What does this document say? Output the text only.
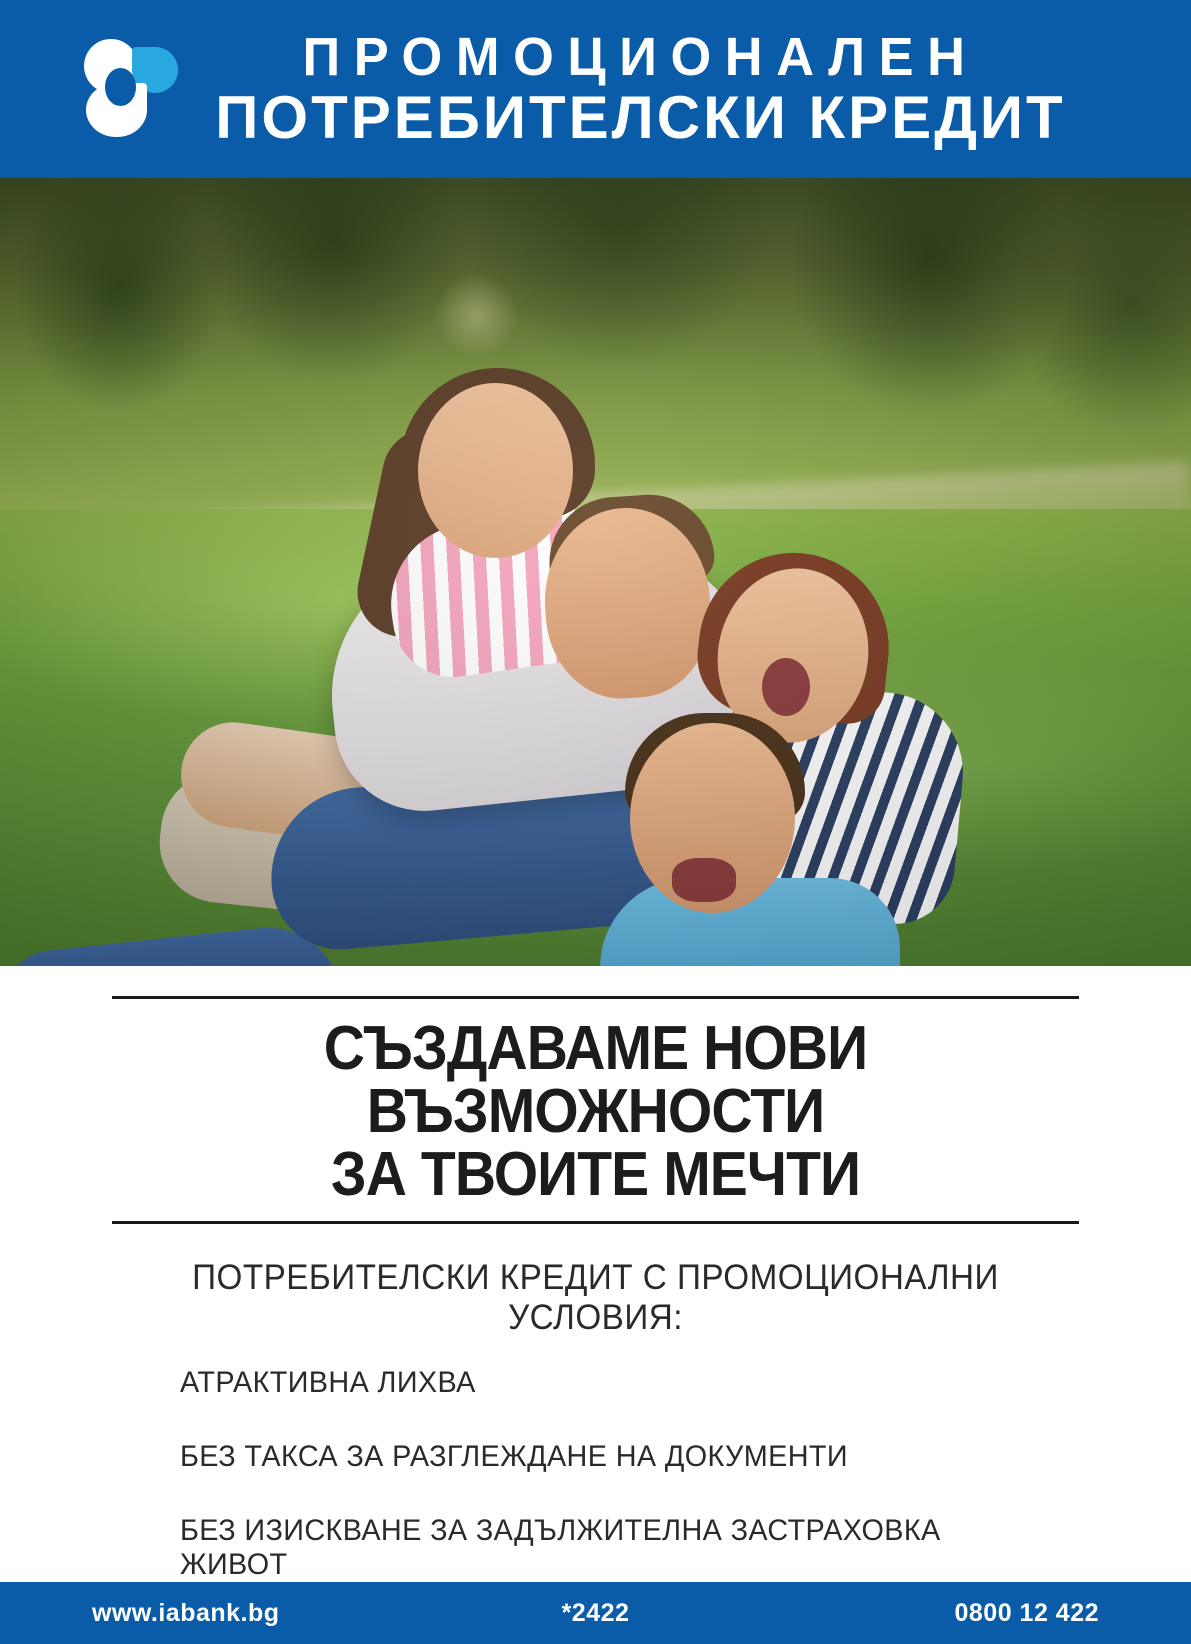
ПРОМОЦИОНАЛЕН
ПОТРЕБИТЕЛСКИ КРЕДИТ
СЪЗДАВАМЕ НОВИ ВЪЗМОЖНОСТИ
ЗА ТВОИТЕ МЕЧТИ
ПОТРЕБИТЕЛСКИ КРЕДИТ С ПРОМОЦИОНАЛНИ УСЛОВИЯ:
АТРАКТИВНА ЛИХВА
БЕЗ ТАКСА ЗА РАЗГЛЕЖДАНЕ НА ДОКУМЕНТИ
БЕЗ ИЗИСКВАНЕ ЗА ЗАДЪЛЖИТЕЛНА ЗАСТРАХОВКА ЖИВОТ
www.iabank.bg	*2422	0800 12 422
